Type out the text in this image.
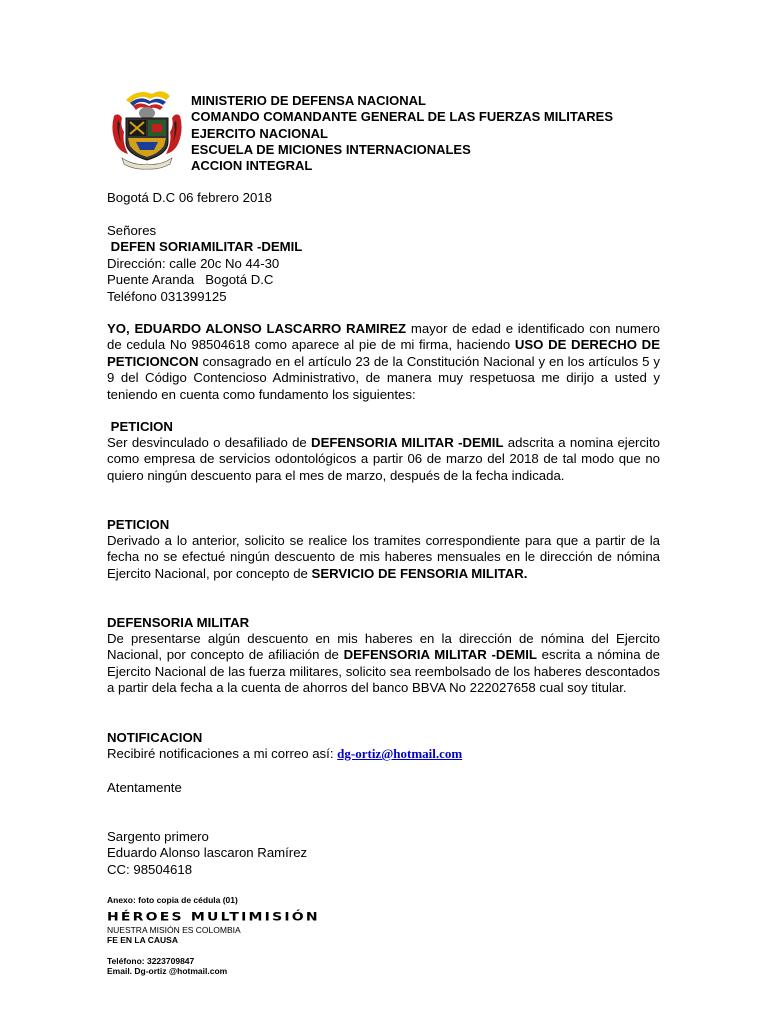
MINISTERIO DE DEFENSA NACIONAL
COMANDO COMANDANTE GENERAL DE LAS FUERZAS MILITARES
EJERCITO NACIONAL
ESCUELA DE MICIONES INTERNACIONALES
ACCION INTEGRAL
Bogotá D.C 06 febrero 2018
Señores
DEFEN SORIAMILITAR -DEMIL
Dirección: calle 20c No 44-30
Puente Aranda   Bogotá D.C
Teléfono 031399125
YO, EDUARDO ALONSO LASCARRO RAMIREZ mayor de edad e identificado con numero de cedula No 98504618 como aparece al pie de mi firma, haciendo USO DE DERECHO DE PETICIONCON consagrado en el artículo 23 de la Constitución Nacional y en los artículos 5 y 9 del Código Contencioso Administrativo, de manera muy respetuosa me dirijo a usted y teniendo en cuenta como fundamento los siguientes:
PETICION
Ser desvinculado o desafiliado de DEFENSORIA MILITAR -DEMIL adscrita a nomina ejercito como empresa de servicios odontológicos a partir 06 de marzo del 2018 de tal modo que no quiero ningún descuento para el mes de marzo, después de la fecha indicada.
PETICION
Derivado a lo anterior, solicito se realice los tramites correspondiente para que a partir de la fecha no se efectué ningún descuento de mis haberes mensuales en le dirección de nómina Ejercito Nacional, por concepto de SERVICIO DE FENSORIA MILITAR.
DEFENSORIA MILITAR
De presentarse algún descuento en mis haberes en la dirección de nómina del Ejercito Nacional, por concepto de afiliación de DEFENSORIA MILITAR -DEMIL escrita a nómina de Ejercito Nacional de las fuerza militares, solicito sea reembolsado de los haberes descontados a partir dela fecha a la cuenta de ahorros del banco BBVA No 222027658 cual soy titular.
NOTIFICACION
Recibiré notificaciones a mi correo así: dg-ortiz@hotmail.com
Atentamente
Sargento primero
Eduardo Alonso lascaron Ramírez
CC: 98504618
Anexo: foto copia de cédula (01)
HÉROES MULTIMISIÓN
NUESTRA MISIÓN ES COLOMBIA
FE EN LA CAUSA
Teléfono: 3223709847
Email. Dg-ortiz @hotmail.com
